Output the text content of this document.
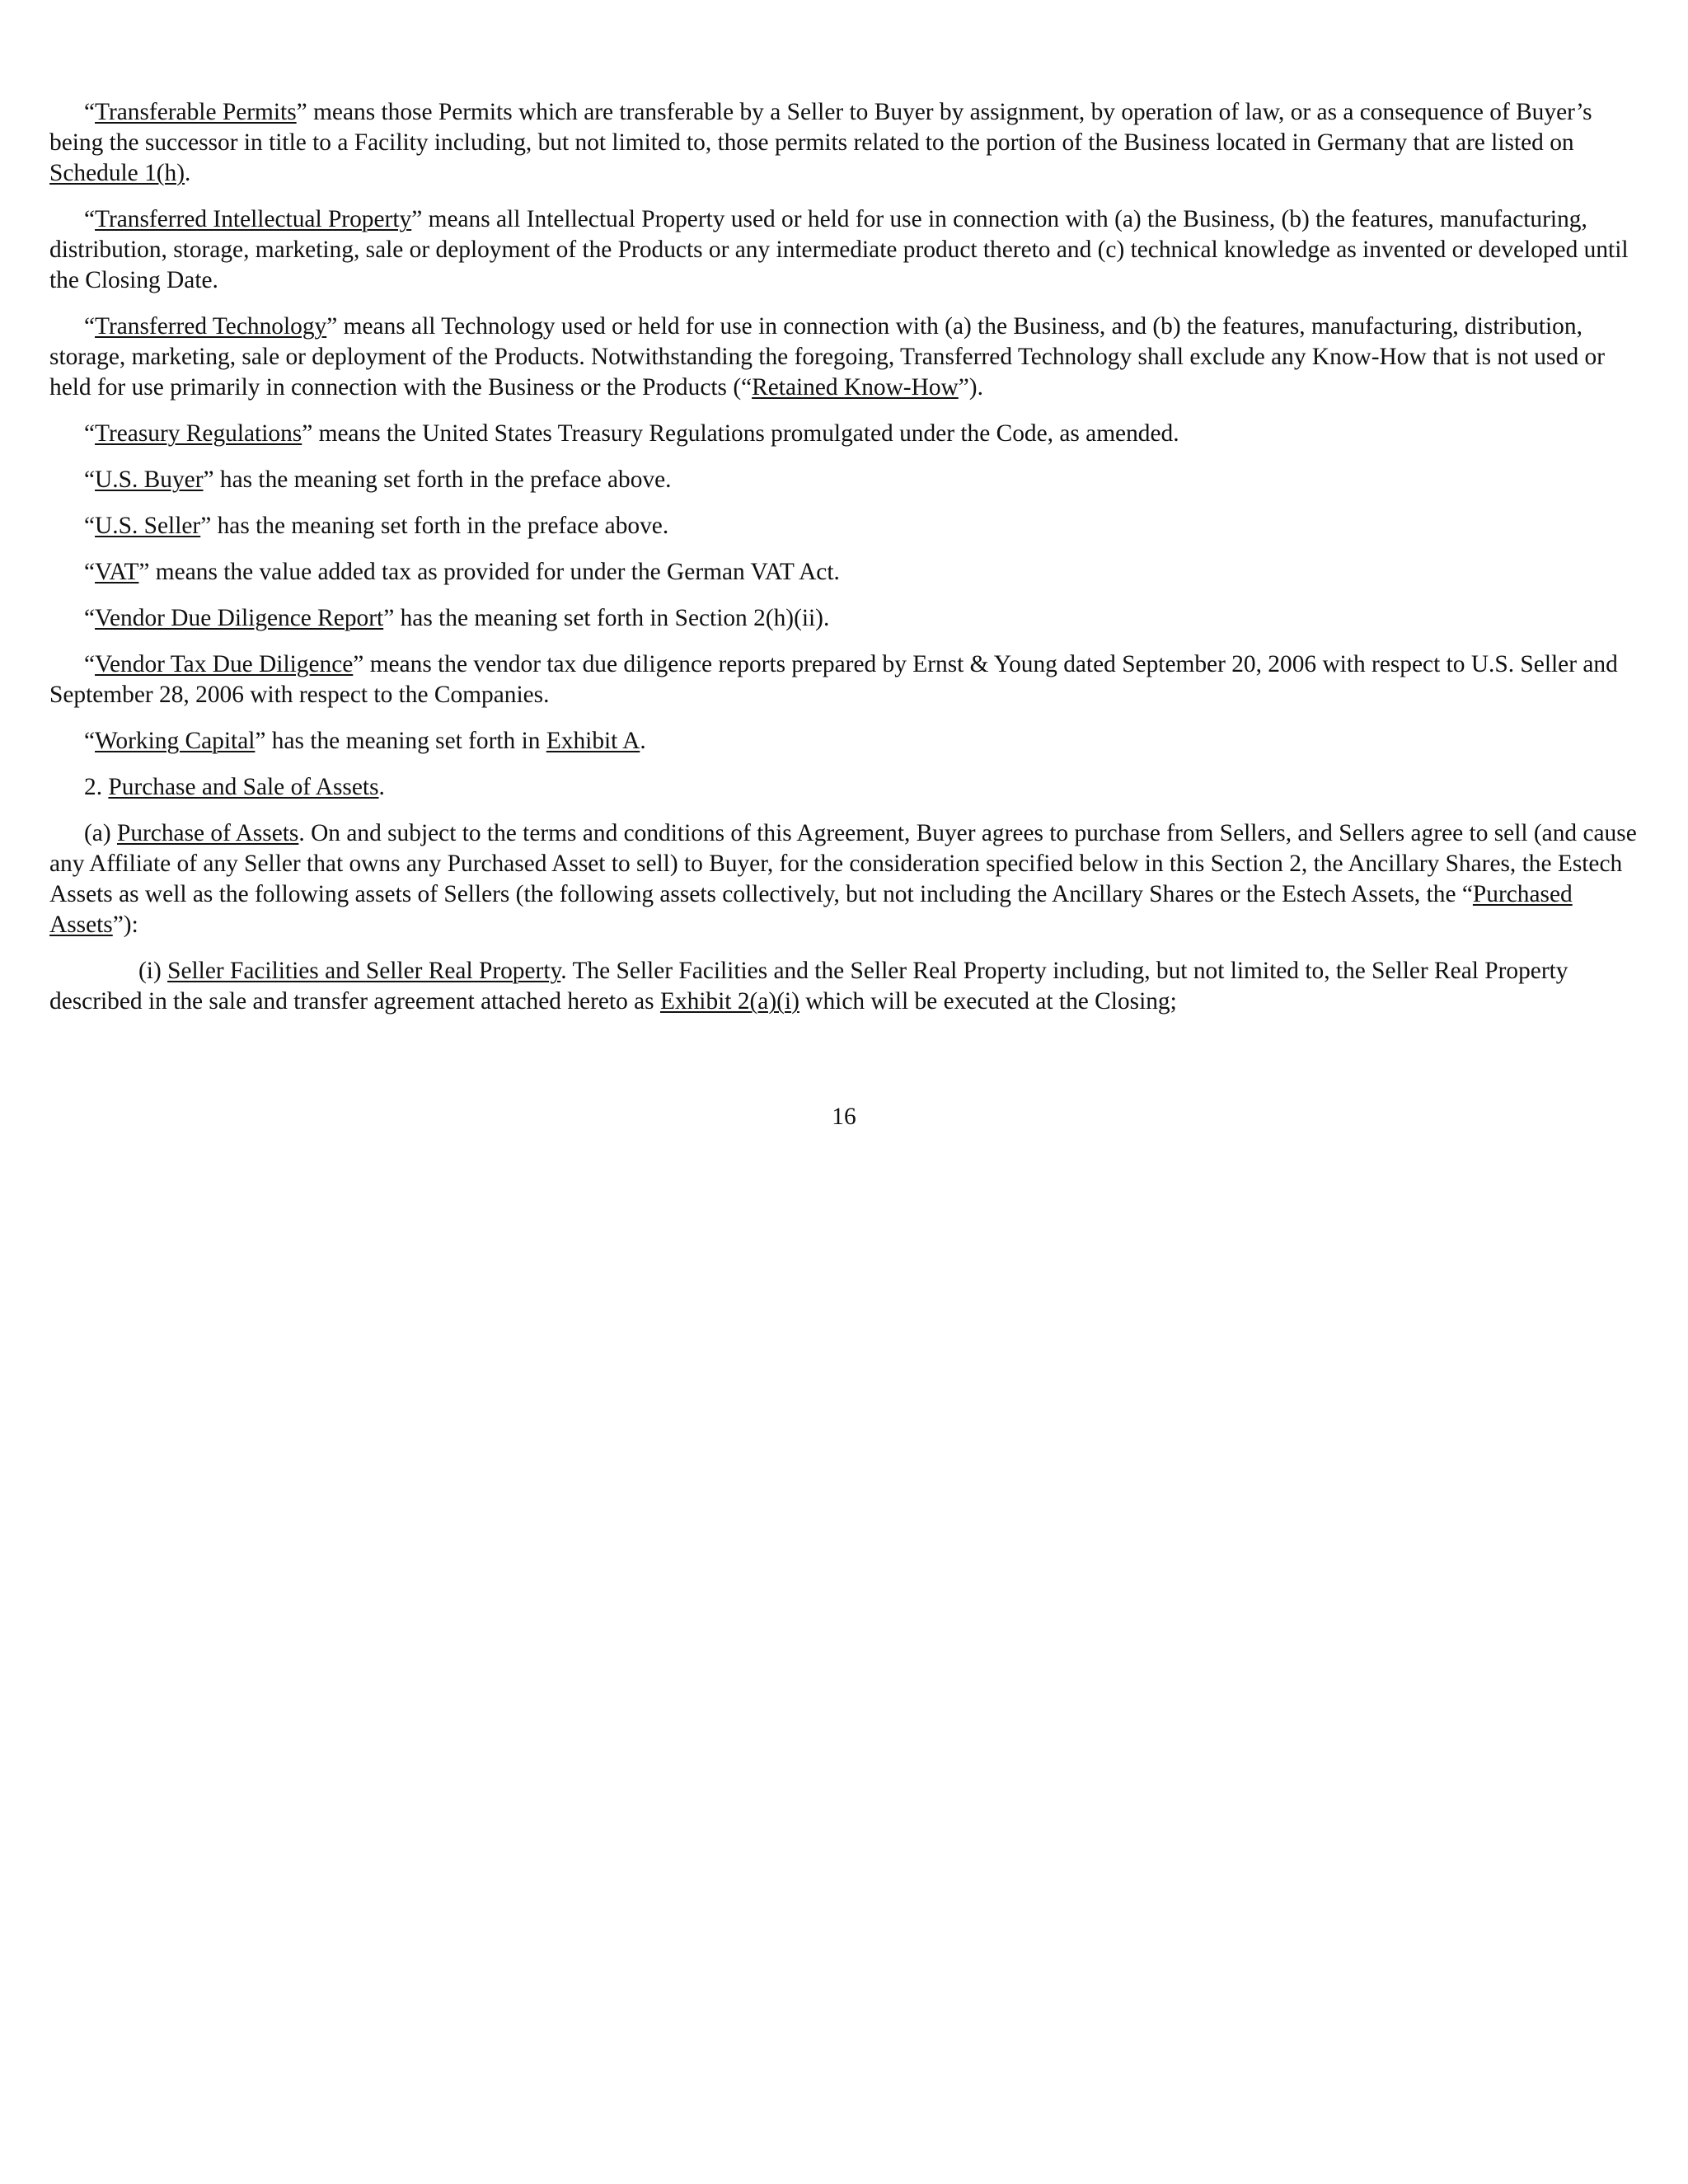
“Transferable Permits” means those Permits which are transferable by a Seller to Buyer by assignment, by operation of law, or as a consequence of Buyer’s being the successor in title to a Facility including, but not limited to, those permits related to the portion of the Business located in Germany that are listed on Schedule 1(h).

“Transferred Intellectual Property” means all Intellectual Property used or held for use in connection with (a) the Business, (b) the features, manufacturing, distribution, storage, marketing, sale or deployment of the Products or any intermediate product thereto and (c) technical knowledge as invented or developed until the Closing Date.

“Transferred Technology” means all Technology used or held for use in connection with (a) the Business, and (b) the features, manufacturing, distribution, storage, marketing, sale or deployment of the Products. Notwithstanding the foregoing, Transferred Technology shall exclude any Know-How that is not used or held for use primarily in connection with the Business or the Products (“Retained Know-How”).

“Treasury Regulations” means the United States Treasury Regulations promulgated under the Code, as amended.

“U.S. Buyer” has the meaning set forth in the preface above.

“U.S. Seller” has the meaning set forth in the preface above.

“VAT” means the value added tax as provided for under the German VAT Act.

“Vendor Due Diligence Report” has the meaning set forth in Section 2(h)(ii).

“Vendor Tax Due Diligence” means the vendor tax due diligence reports prepared by Ernst & Young dated September 20, 2006 with respect to U.S. Seller and September 28, 2006 with respect to the Companies.

“Working Capital” has the meaning set forth in Exhibit A.

2. Purchase and Sale of Assets.

(a) Purchase of Assets. On and subject to the terms and conditions of this Agreement, Buyer agrees to purchase from Sellers, and Sellers agree to sell (and cause any Affiliate of any Seller that owns any Purchased Asset to sell) to Buyer, for the consideration specified below in this Section 2, the Ancillary Shares, the Estech Assets as well as the following assets of Sellers (the following assets collectively, but not including the Ancillary Shares or the Estech Assets, the “Purchased Assets”):

(i) Seller Facilities and Seller Real Property. The Seller Facilities and the Seller Real Property including, but not limited to, the Seller Real Property described in the sale and transfer agreement attached hereto as Exhibit 2(a)(i) which will be executed at the Closing;

16
